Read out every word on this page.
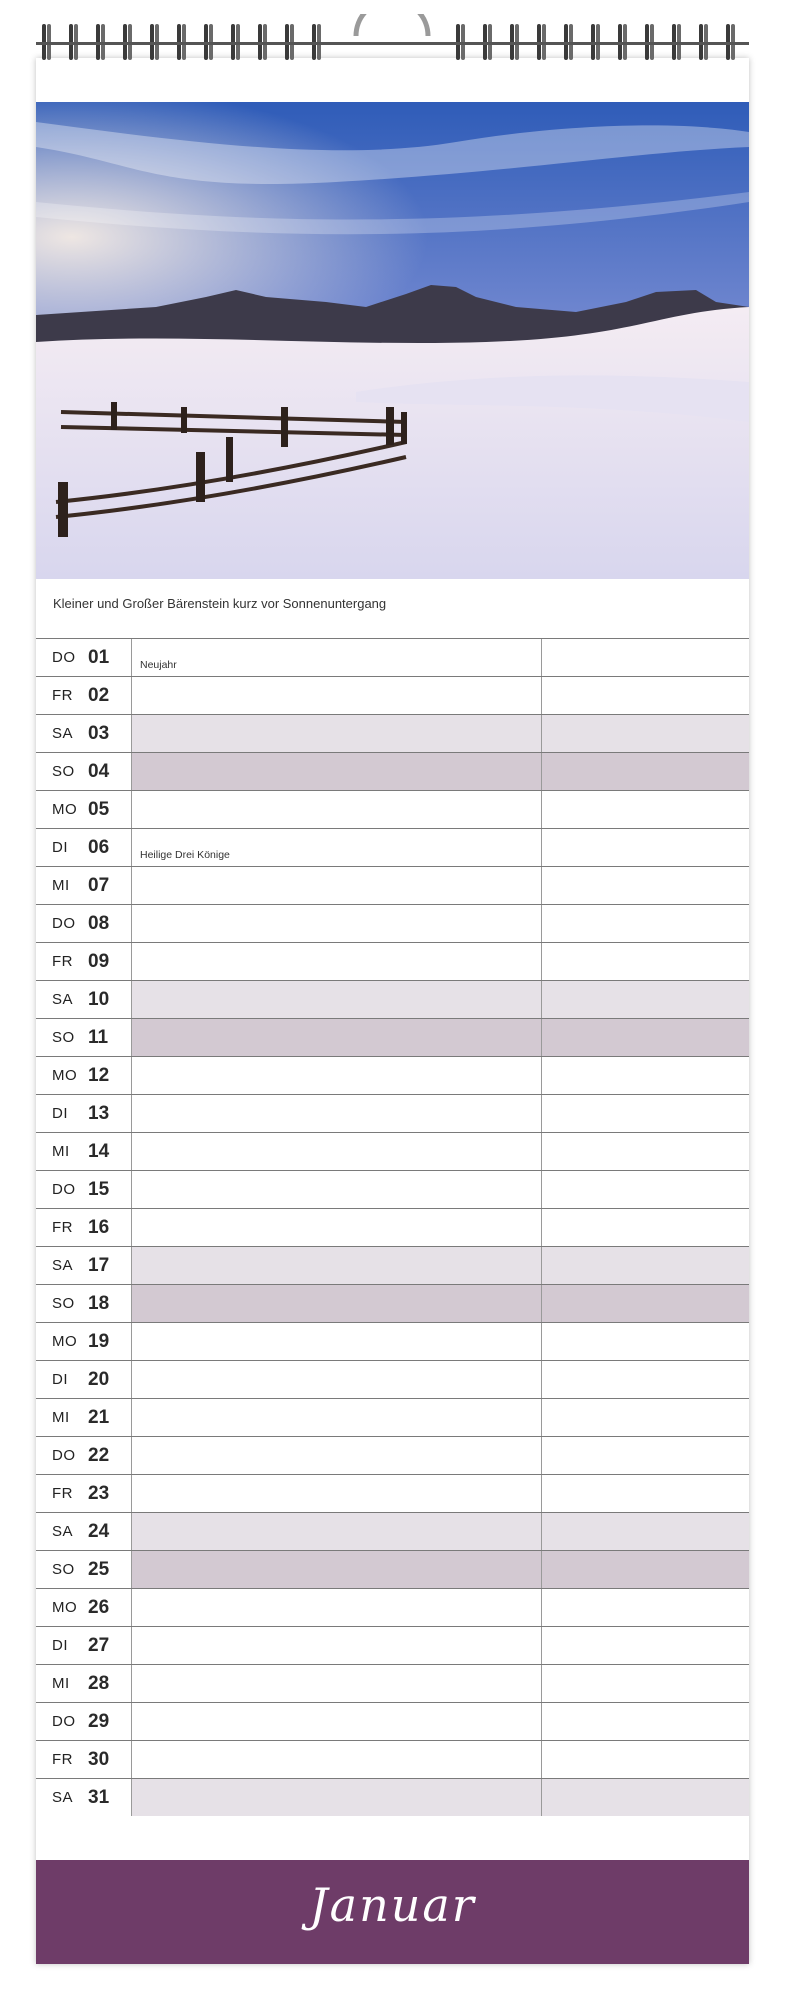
Kleiner und Großer Bärenstein kurz vor Sonnenuntergang
DO 01	Neujahr
FR 02
SA 03
SO 04
MO 05
DI	06	Heilige Drei Könige
MI 07
DO 08
FR 09
SA 10
SO 11
MO 12
DI	13
MI 14
DO 15
FR 16
SA 17
SO 18
MO 19
DI	20
MI 21
DO 22
FR 23
SA 24
SO 25
MO 26
DI	27
MI 28
DO 29
FR 30
SA 31
Januar
